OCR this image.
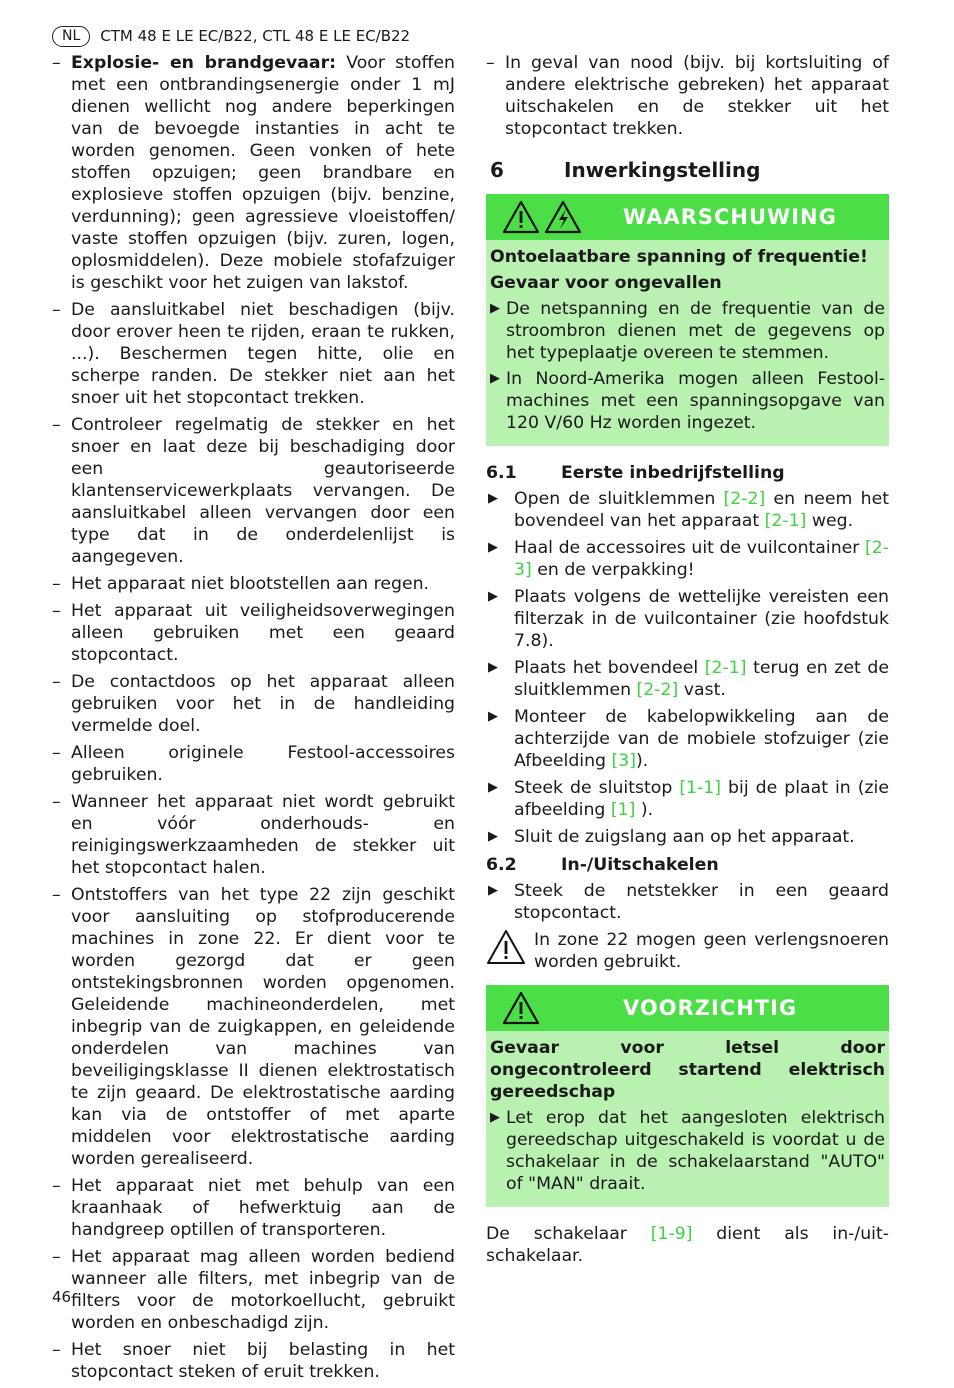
NL	CTM 48 E LE EC/B22, CTL 48 E LE EC/B22
– Explosie- en brandgevaar: Voor stoffen met een ontbrandingsenergie onder 1 mJ dienen wellicht nog andere beperkingen van de bevoegde instanties in acht te worden genomen. Geen vonken of hete stoffen opzuigen; geen brandbare en explosieve stoffen opzuigen (bijv. benzine, verdunning); geen agressieve vloeistoffen/ vaste stoffen opzuigen (bijv. zuren, logen, oplosmiddelen). Deze mobiele stofafzuiger is geschikt voor het zuigen van lakstof.
– De aansluitkabel niet beschadigen (bijv. door erover heen te rijden, eraan te rukken, ...). Beschermen tegen hitte, olie en scherpe randen. De stekker niet aan het snoer uit het stopcontact trekken.
– Controleer regelmatig de stekker en het snoer en laat deze bij beschadiging door een geautoriseerde klantenservicewerkplaats vervangen. De aansluitkabel alleen vervangen door een type dat in de onderdelenlijst is aangegeven.
– Het apparaat niet blootstellen aan regen.
– Het apparaat uit veiligheidsoverwegingen alleen gebruiken met een geaard stopcontact.
– De contactdoos op het apparaat alleen gebruiken voor het in de handleiding vermelde doel.
– Alleen originele Festool-accessoires gebruiken.
– Wanneer het apparaat niet wordt gebruikt en vóór onderhouds- en reinigingswerkzaamheden de stekker uit het stopcontact halen.
– Ontstoffers van het type 22 zijn geschikt voor aansluiting op stofproducerende machines in zone 22. Er dient voor te worden gezorgd dat er geen ontstekingsbronnen worden opgenomen. Geleidende machineonderdelen, met inbegrip van de zuigkappen, en geleidende onderdelen van machines van beveiligingsklasse II dienen elektrostatisch te zijn geaard. De elektrostatische aarding kan via de ontstoffer of met aparte middelen voor elektrostatische aarding worden gerealiseerd.
– Het apparaat niet met behulp van een kraanhaak of hefwerktuig aan de handgreep optillen of transporteren.
– Het apparaat mag alleen worden bediend wanneer alle filters, met inbegrip van de filters voor de motorkoellucht, gebruikt worden en onbeschadigd zijn.
– Het snoer niet bij belasting in het stopcontact steken of eruit trekken.
– In geval van nood (bijv. bij kortsluiting of andere elektrische gebreken) het apparaat uitschakelen en de stekker uit het stopcontact trekken.
6	Inwerkingstelling
WAARSCHUWING
Ontoelaatbare spanning of frequentie!
Gevaar voor ongevallen
▶ De netspanning en de frequentie van de stroombron dienen met de gegevens op het typeplaatje overeen te stemmen.
▶ In Noord-Amerika mogen alleen Festool-machines met een spanningsopgave van 120 V/60 Hz worden ingezet.
6.1	Eerste inbedrijfstelling
▶ Open de sluitklemmen [2-2] en neem het bovendeel van het apparaat [2-1] weg.
▶ Haal de accessoires uit de vuilcontainer [2-3] en de verpakking!
▶ Plaats volgens de wettelijke vereisten een filterzak in de vuilcontainer (zie hoofdstuk 7.8).
▶ Plaats het bovendeel [2-1] terug en zet de sluitklemmen [2-2] vast.
▶ Monteer de kabelopwikkeling aan de achterzijde van de mobiele stofzuiger (zie Afbeelding [3]).
▶ Steek de sluitstop [1-1] bij de plaat in (zie afbeelding [1] ).
▶ Sluit de zuigslang aan op het apparaat.
6.2	In-/Uitschakelen
▶ Steek de netstekker in een geaard stopcontact.
In zone 22 mogen geen verlengsnoeren worden gebruikt.
VOORZICHTIG
Gevaar voor letsel door ongecontroleerd startend elektrisch gereedschap
▶ Let erop dat het aangesloten elektrisch gereedschap uitgeschakeld is voordat u de schakelaar in de schakelaarstand "AUTO" of "MAN" draait.
De schakelaar [1-9] dient als in-/uit-schakelaar.
46
